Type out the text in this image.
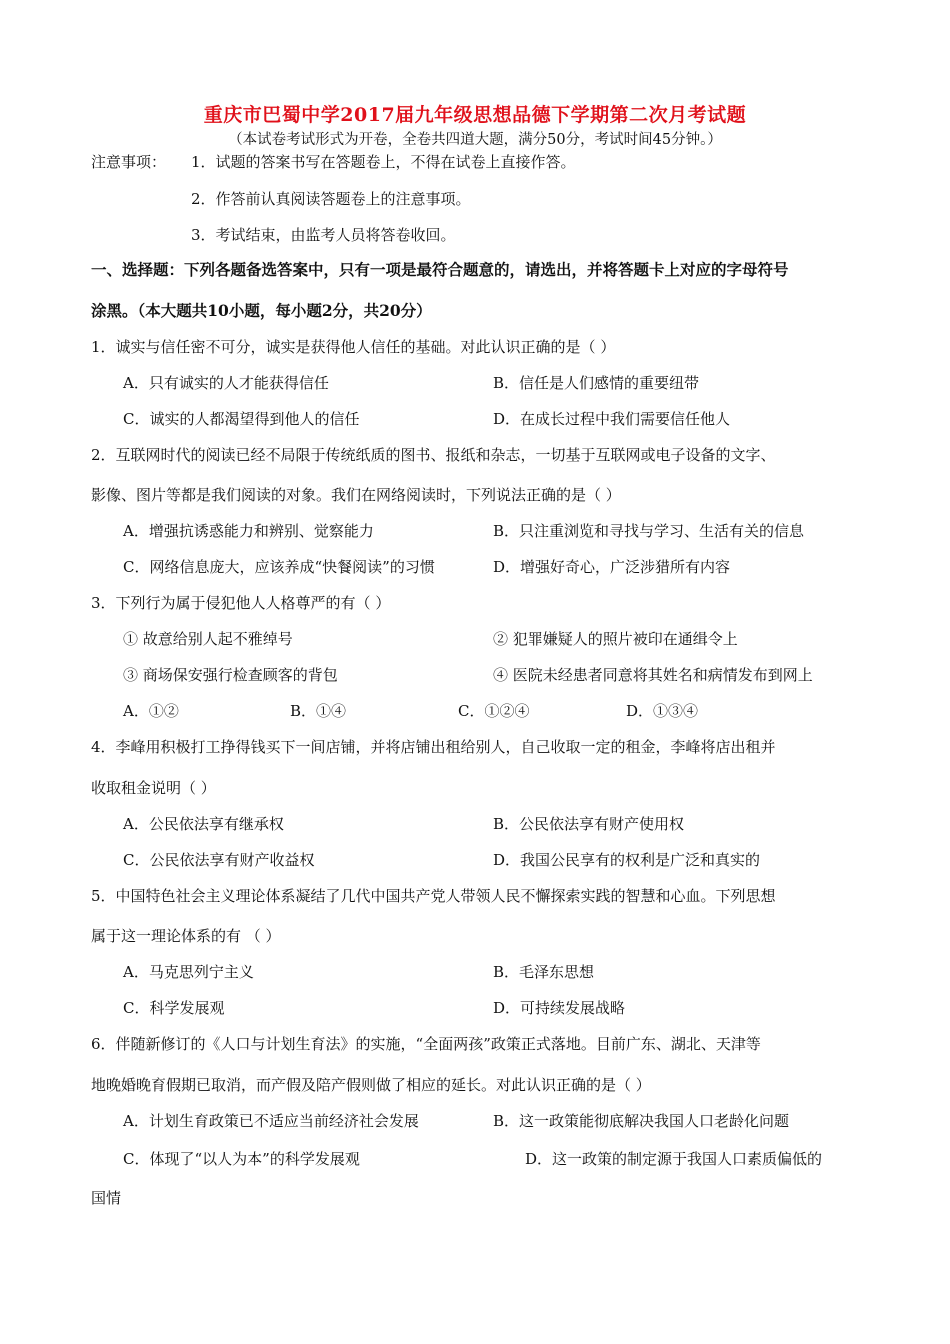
重庆市巴蜀中学2017届九年级思想品德下学期第二次月考试题
（本试卷考试形式为开卷，全卷共四道大题，满分50分，考试时间45分钟。）
注意事项： 1．试题的答案书写在答题卷上，不得在试卷上直接作答。
2．作答前认真阅读答题卷上的注意事项。
3．考试结束，由监考人员将答卷收回。
一、选择题：下列各题备选答案中，只有一项是最符合题意的，请选出，并将答题卡上对应的字母符号
涂黑。（本大题共10小题，每小题2分，共20分）
1．诚实与信任密不可分，诚实是获得他人信任的基础。对此认识正确的是（ ）
A．只有诚实的人才能获得信任	B．信任是人们感情的重要纽带
C．诚实的人都渴望得到他人的信任	D．在成长过程中我们需要信任他人
2．互联网时代的阅读已经不局限于传统纸质的图书、报纸和杂志，一切基于互联网或电子设备的文字、
影像、图片等都是我们阅读的对象。我们在网络阅读时，下列说法正确的是（ ）
A．增强抗诱惑能力和辨别、觉察能力	B．只注重浏览和寻找与学习、生活有关的信息
C．网络信息庞大，应该养成“快餐阅读”的习惯	D．增强好奇心，广泛涉猎所有内容
3．下列行为属于侵犯他人人格尊严的有（ ）
① 故意给别人起不雅绰号	② 犯罪嫌疑人的照片被印在通缉令上
③ 商场保安强行检查顾客的背包	④ 医院未经患者同意将其姓名和病情发布到网上
A．①②	B．①④	C．①②④	D．①③④
4．李峰用积极打工挣得钱买下一间店铺，并将店铺出租给别人，自己收取一定的租金，李峰将店出租并
收取租金说明（ ）
A．公民依法享有继承权	B．公民依法享有财产使用权
C．公民依法享有财产收益权	D．我国公民享有的权利是广泛和真实的
5．中国特色社会主义理论体系凝结了几代中国共产党人带领人民不懈探索实践的智慧和心血。下列思想
属于这一理论体系的有 （ ）
A．马克思列宁主义	B．毛泽东思想
C．科学发展观	D．可持续发展战略
6．伴随新修订的《人口与计划生育法》的实施，“全面两孩”政策正式落地。目前广东、湖北、天津等
地晚婚晚育假期已取消，而产假及陪产假则做了相应的延长。对此认识正确的是（ ）
A．计划生育政策已不适应当前经济社会发展	B．这一政策能彻底解决我国人口老龄化问题
C．体现了“以人为本”的科学发展观	D．这一政策的制定源于我国人口素质偏低的
国情
